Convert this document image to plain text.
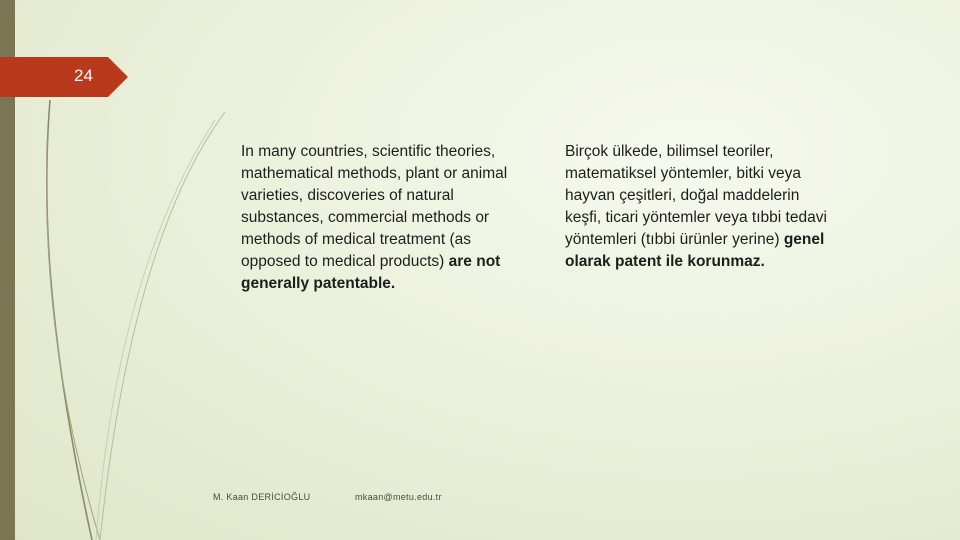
24
In many countries, scientific theories, mathematical methods, plant or animal varieties, discoveries of natural substances, commercial methods or methods of medical treatment (as opposed to medical products) are not generally patentable.
Birçok ülkede, bilimsel teoriler, matematiksel yöntemler, bitki veya hayvan çeşitleri, doğal maddelerin keşfi, ticari yöntemler veya tıbbi tedavi yöntemleri (tıbbi ürünler yerine) genel olarak patent ile korunmaz.
M. Kaan DERİCİOĞLU	mkaan@metu.edu.tr
